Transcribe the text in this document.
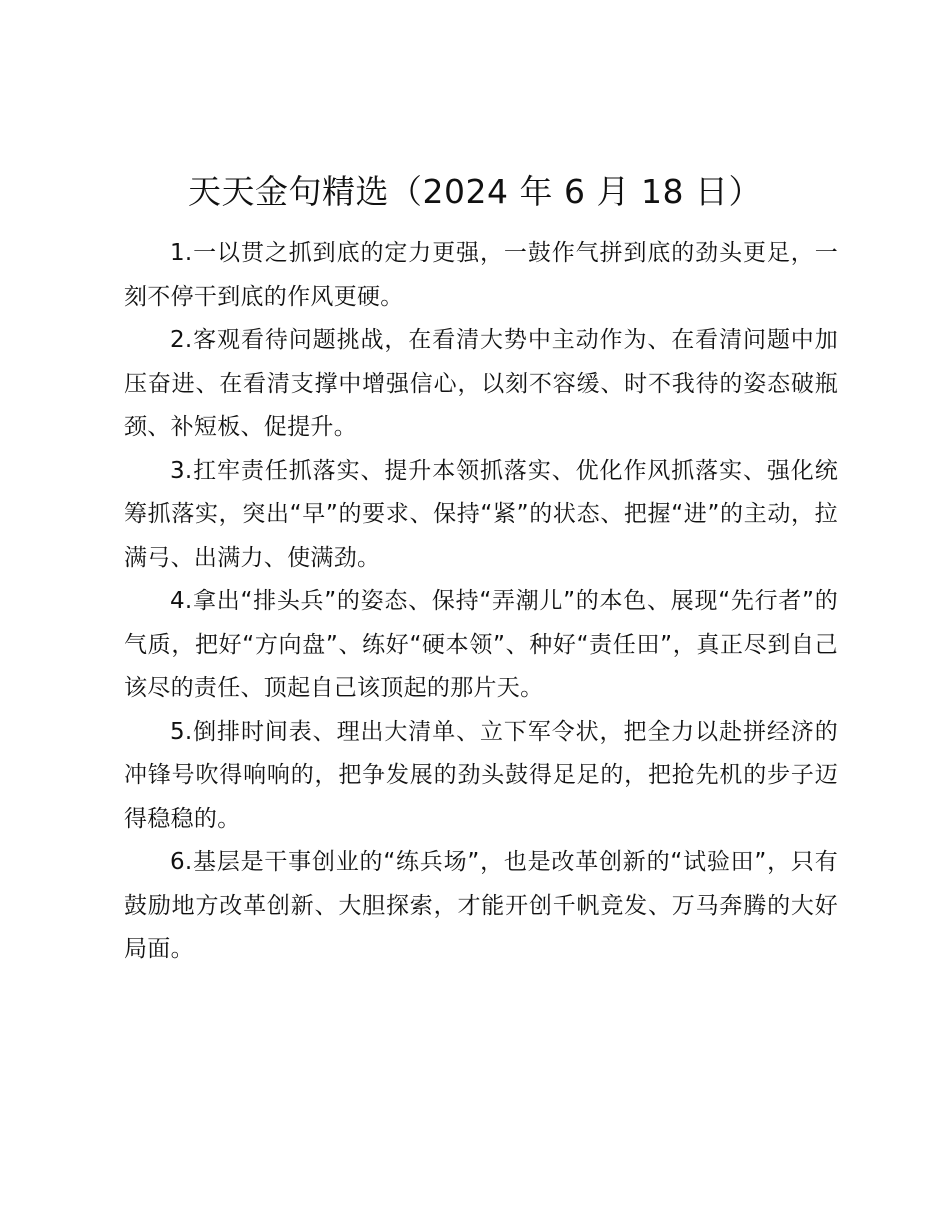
天天金句精选（2024 年 6 月 18 日）

1.一以贯之抓到底的定力更强，一鼓作气拼到底的劲头更足，一刻不停干到底的作风更硬。

2.客观看待问题挑战，在看清大势中主动作为、在看清问题中加压奋进、在看清支撑中增强信心，以刻不容缓、时不我待的姿态破瓶颈、补短板、促提升。

3.扛牢责任抓落实、提升本领抓落实、优化作风抓落实、强化统筹抓落实，突出“早”的要求、保持“紧”的状态、把握“进”的主动，拉满弓、出满力、使满劲。

4.拿出“排头兵”的姿态、保持“弄潮儿”的本色、展现“先行者”的气质，把好“方向盘”、练好“硬本领”、种好“责任田”，真正尽到自己该尽的责任、顶起自己该顶起的那片天。

5.倒排时间表、理出大清单、立下军令状，把全力以赴拼经济的冲锋号吹得响响的，把争发展的劲头鼓得足足的，把抢先机的步子迈得稳稳的。

6.基层是干事创业的“练兵场”，也是改革创新的“试验田”，只有鼓励地方改革创新、大胆探索，才能开创千帆竞发、万马奔腾的大好局面。
